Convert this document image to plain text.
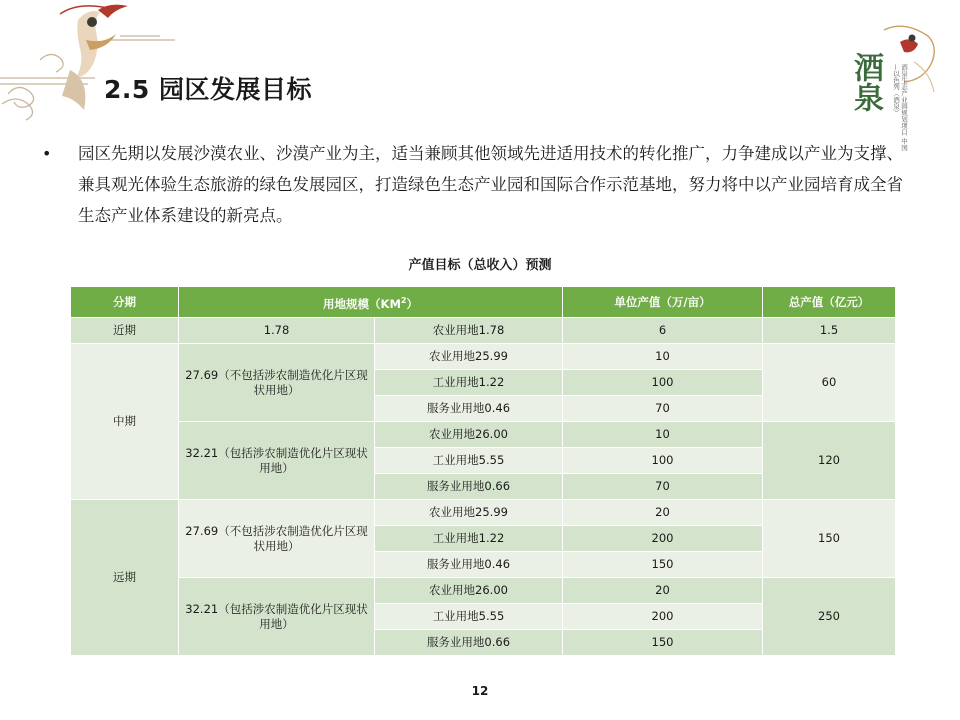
酒泉	酒泉生态产业园规划项目 中国—以色列（酒泉）
2.5 园区发展目标
• 园区先期以发展沙漠农业、沙漠产业为主，适当兼顾其他领域先进适用技术的转化推广，力争建成以产业为支撑、兼具观光体验生态旅游的绿色发展园区，打造绿色生态产业园和国际合作示范基地，努力将中以产业园培育成全省生态产业体系建设的新亮点。

产值目标（总收入）预测
分期	用地规模$(KM^2)$		单位产值（万/亩）	总产值（亿元）
近期	1.78	农业用地1.78	6	1.5
中期	27.69（不包括涉农制造优化片区现状用地）	农业用地25.99	10	60
		工业用地1.22	100	
		服务业用地0.46	70	
	32.21（包括涉农制造优化片区现状用地）	农业用地26.00	10	120
		工业用地5.55	100	
		服务业用地0.66	70	
远期	27.69（不包括涉农制造优化片区现状用地）	农业用地25.99	20	150
		工业用地1.22	200	
		服务业用地0.46	150	
	32.21（包括涉农制造优化片区现状用地）	农业用地26.00	20	250
		工业用地5.55	200	
		服务业用地0.66	150	
12
